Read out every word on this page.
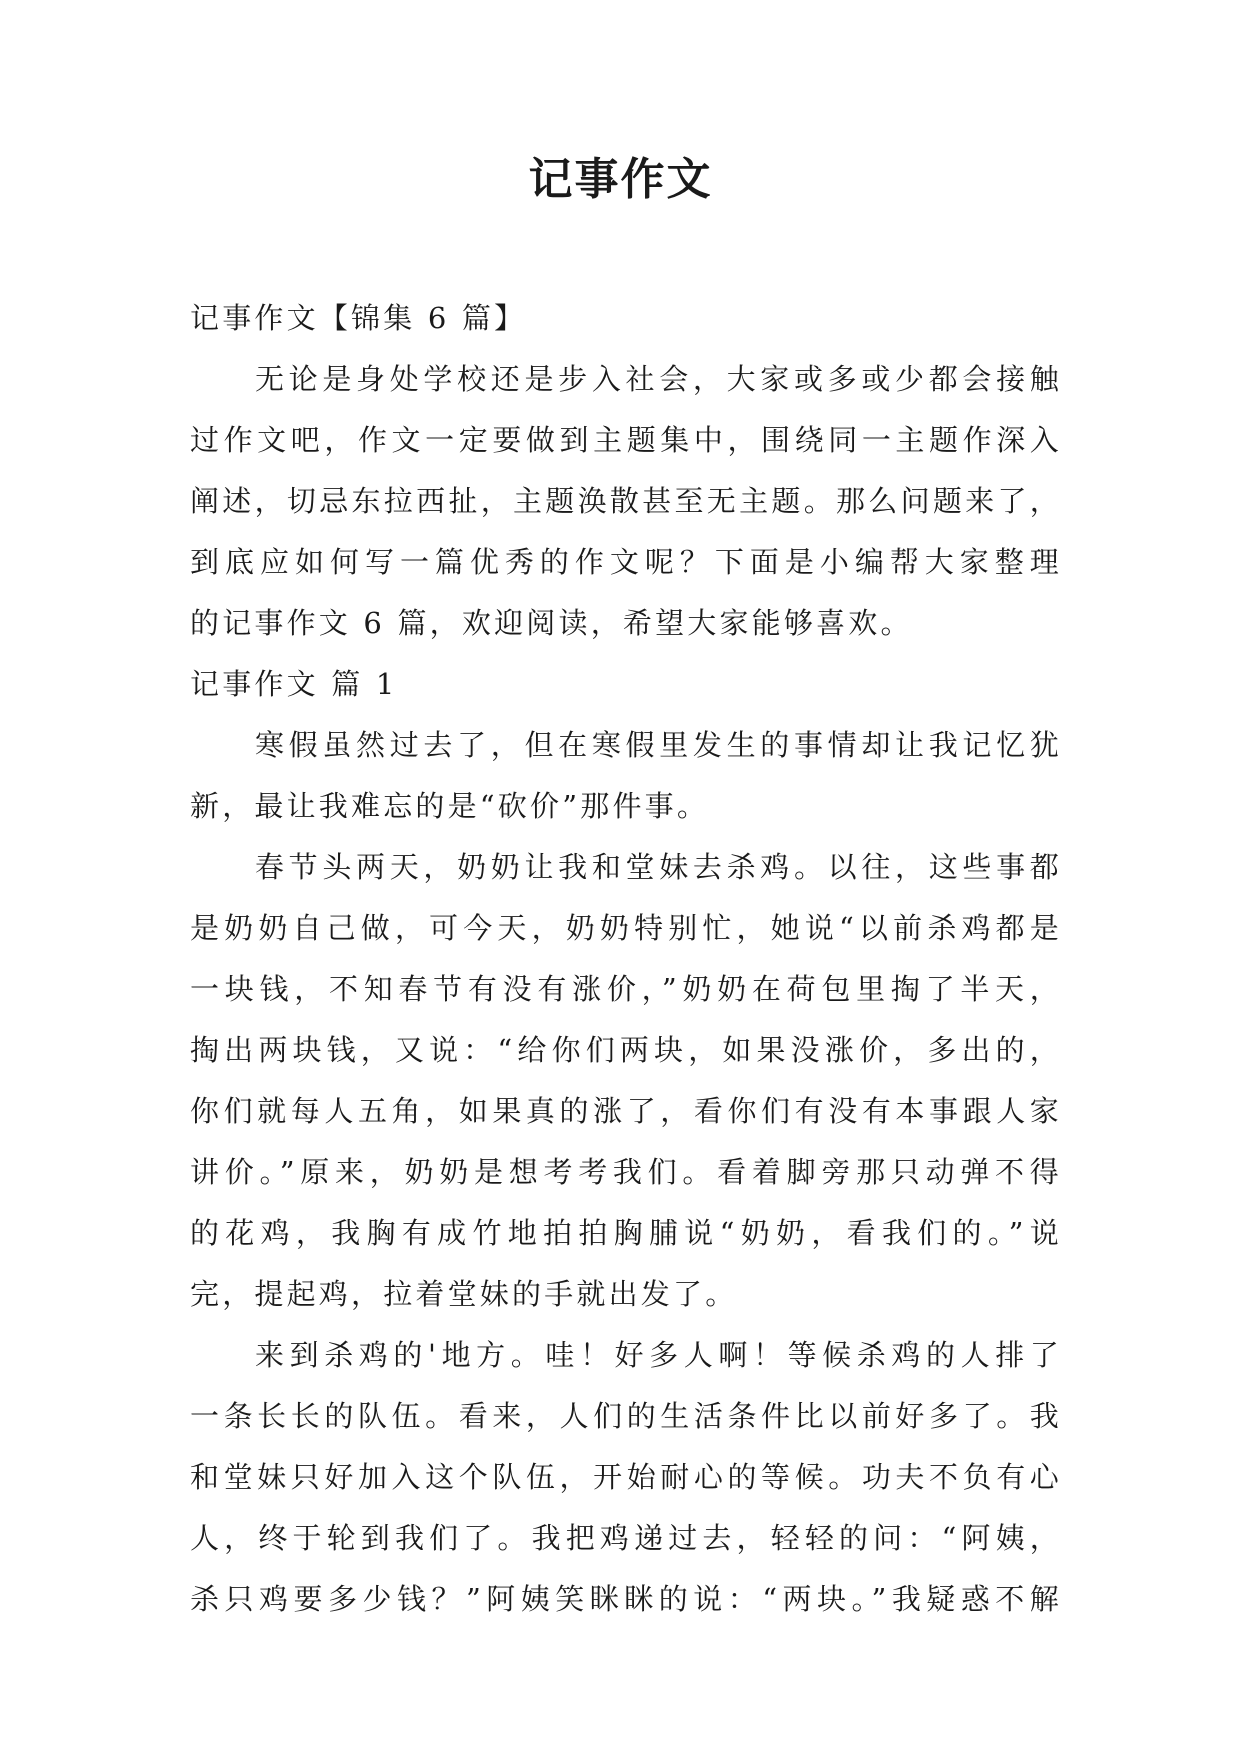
记事作文

记事作文【锦集 6 篇】

无论是身处学校还是步入社会，大家或多或少都会接触

过作文吧，作文一定要做到主题集中，围绕同一主题作深入

阐述，切忌东拉西扯，主题涣散甚至无主题。那么问题来了，

到底应如何写一篇优秀的作文呢？下面是小编帮大家整理

的记事作文 6 篇，欢迎阅读，希望大家能够喜欢。

记事作文 篇 1

寒假虽然过去了，但在寒假里发生的事情却让我记忆犹

新，最让我难忘的是“砍价”那件事。

春节头两天，奶奶让我和堂妹去杀鸡。以往，这些事都

是奶奶自己做，可今天，奶奶特别忙，她说“以前杀鸡都是

一块钱，不知春节有没有涨价，”奶奶在荷包里掏了半天，

掏出两块钱，又说：“给你们两块，如果没涨价，多出的，

你们就每人五角，如果真的涨了，看你们有没有本事跟人家

讲价。”原来，奶奶是想考考我们。看着脚旁那只动弹不得

的花鸡，我胸有成竹地拍拍胸脯说“奶奶，看我们的。”说

完，提起鸡，拉着堂妹的手就出发了。

来到杀鸡的'地方。哇！好多人啊！等候杀鸡的人排了

一条长长的队伍。看来，人们的生活条件比以前好多了。我

和堂妹只好加入这个队伍，开始耐心的等候。功夫不负有心

人，终于轮到我们了。我把鸡递过去，轻轻的问：“阿姨，

杀只鸡要多少钱？”阿姨笑眯眯的说：“两块。”我疑惑不解
